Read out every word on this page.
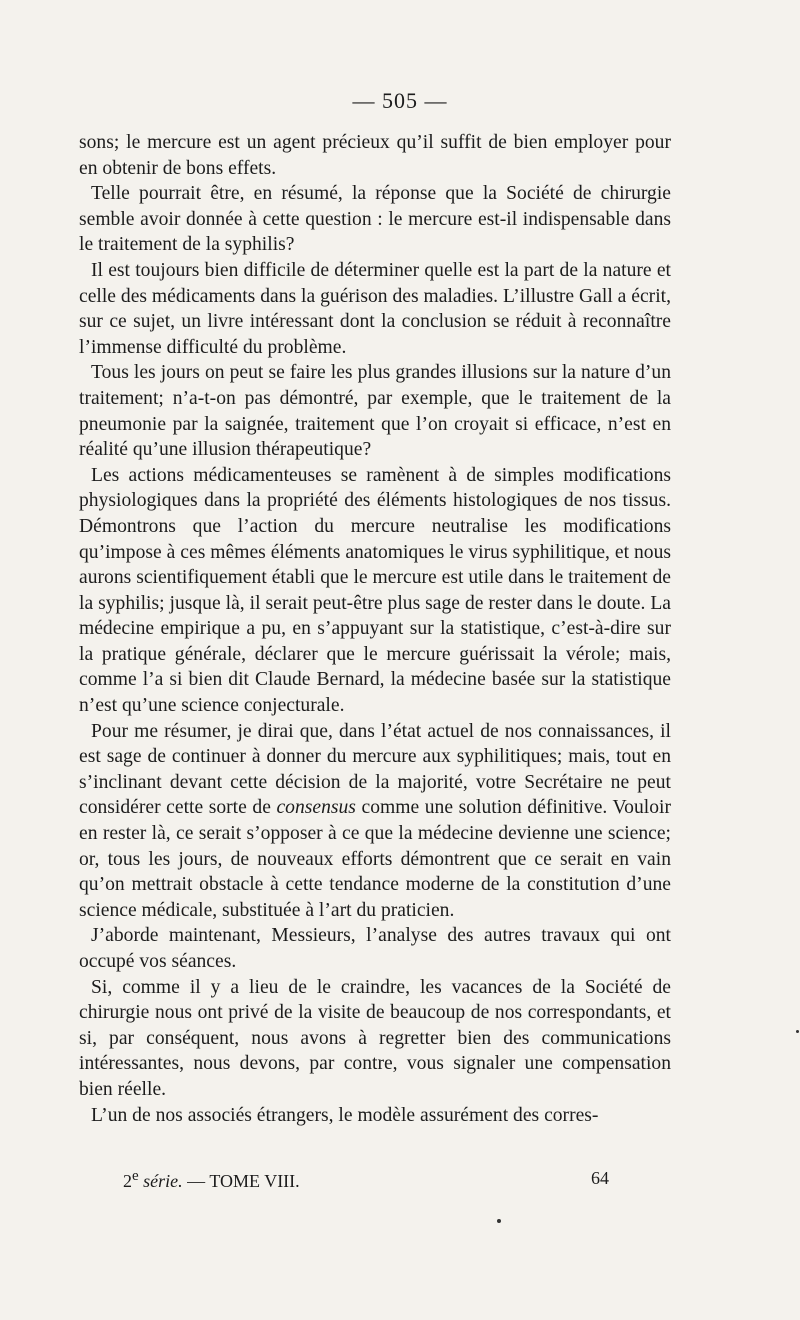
— 505 —

sons; le mercure est un agent précieux qu’il suffit de bien employer pour en obtenir de bons effets.

Telle pourrait être, en résumé, la réponse que la Société de chirurgie semble avoir donnée à cette question : le mercure est-il indispensable dans le traitement de la syphilis?

Il est toujours bien difficile de déterminer quelle est la part de la nature et celle des médicaments dans la guérison des maladies. L’illustre Gall a écrit, sur ce sujet, un livre intéressant dont la conclusion se réduit à reconnaître l’immense difficulté du problème.

Tous les jours on peut se faire les plus grandes illusions sur la nature d’un traitement; n’a-t-on pas démontré, par exemple, que le traitement de la pneumonie par la saignée, traitement que l’on croyait si efficace, n’est en réalité qu’une illusion thérapeutique?

Les actions médicamenteuses se ramènent à de simples modifications physiologiques dans la propriété des éléments histologiques de nos tissus. Démontrons que l’action du mercure neutralise les modifications qu’impose à ces mêmes éléments anatomiques le virus syphilitique, et nous aurons scientifiquement établi que le mercure est utile dans le traitement de la syphilis; jusque là, il serait peut-être plus sage de rester dans le doute. La médecine empirique a pu, en s’appuyant sur la statistique, c’est-à-dire sur la pratique générale, déclarer que le mercure guérissait la vérole; mais, comme l’a si bien dit Claude Bernard, la médecine basée sur la statistique n’est qu’une science conjecturale.

Pour me résumer, je dirai que, dans l’état actuel de nos connaissances, il est sage de continuer à donner du mercure aux syphilitiques; mais, tout en s’inclinant devant cette décision de la majorité, votre Secrétaire ne peut considérer cette sorte de consensus comme une solution définitive. Vouloir en rester là, ce serait s’opposer à ce que la médecine devienne une science; or, tous les jours, de nouveaux efforts démontrent que ce serait en vain qu’on mettrait obstacle à cette tendance moderne de la constitution d’une science médicale, substituée à l’art du praticien.

J’aborde maintenant, Messieurs, l’analyse des autres travaux qui ont occupé vos séances.

Si, comme il y a lieu de le craindre, les vacances de la Société de chirurgie nous ont privé de la visite de beaucoup de nos correspondants, et si, par conséquent, nous avons à regretter bien des communications intéressantes, nous devons, par contre, vous signaler une compensation bien réelle.

L’un de nos associés étrangers, le modèle assurément des corres-

2e série. — TOME VIII.	64
